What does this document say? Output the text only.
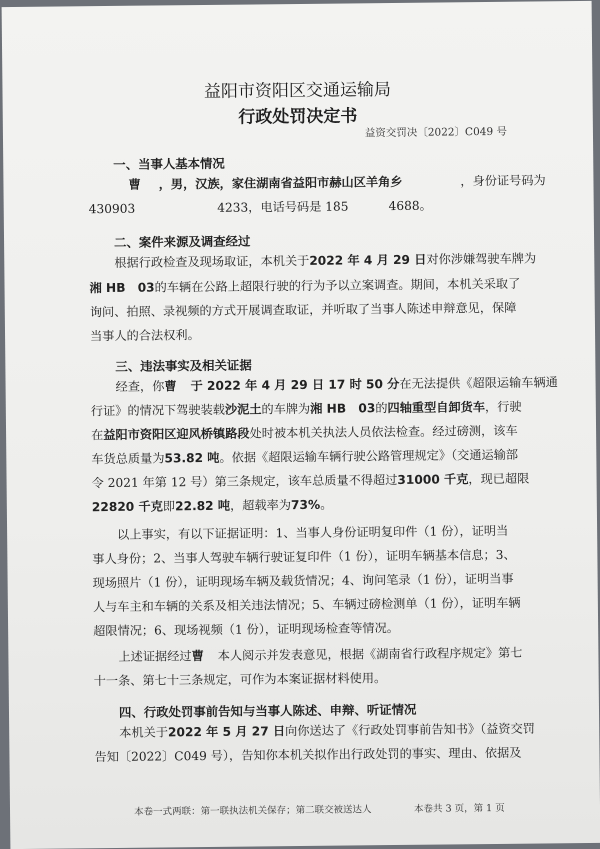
益阳市资阳区交通运输局
行政处罚决定书
益资交罚决〔2022〕C049 号
一、当事人基本情况
曹 ，男，汉族，家住湖南省益阳市赫山区羊角乡	，身份证号码为
430903	4233，电话号码是 185	4688。
二、案件来源及调查经过
根据行政检查及现场取证，本机关于2022 年 4 月 29 日对你涉嫌驾驶车牌为
湘 HB　03的车辆在公路上超限行驶的行为予以立案调查。期间，本机关采取了
询问、拍照、录视频的方式开展调查取证，并听取了当事人陈述申辩意见，保障
当事人的合法权利。
三、违法事实及相关证据
经查，你曹 于 2022 年 4 月 29 日 17 时 50 分在无法提供《超限运输车辆通
行证》的情况下驾驶装载沙泥土的车牌为湘 HB　03的四轴重型自卸货车，行驶
在益阳市资阳区迎风桥镇路段处时被本机关执法人员依法检查。经过磅测，该车
车货总质量为53.82 吨。依据《超限运输车辆行驶公路管理规定》（交通运输部
令 2021 年第 12 号）第三条规定，该车总质量不得超过31000 千克，现已超限
22820 千克即22.82 吨，超载率为73%。
以上事实，有以下证据证明：1、当事人身份证明复印件（1 份），证明当
事人身份；2、当事人驾驶车辆行驶证复印件（1 份），证明车辆基本信息；3、
现场照片（1 份），证明现场车辆及载货情况；4、询问笔录（1 份），证明当事
人与车主和车辆的关系及相关违法情况；5、车辆过磅检测单（1 份），证明车辆
超限情况；6、现场视频（1 份），证明现场检查等情况。
上述证据经过曹 本人阅示并发表意见，根据《湖南省行政程序规定》第七
十一条、第七十三条规定，可作为本案证据材料使用。
四、行政处罚事前告知与当事人陈述、申辩、听证情况
本机关于2022 年 5 月 27 日向你送达了《行政处罚事前告知书》（益资交罚
告知〔2022〕C049 号），告知你本机关拟作出行政处罚的事实、理由、依据及
本卷一式两联：第一联执法机关保存；第二联交被送达人	本卷共 3 页，第 1 页
